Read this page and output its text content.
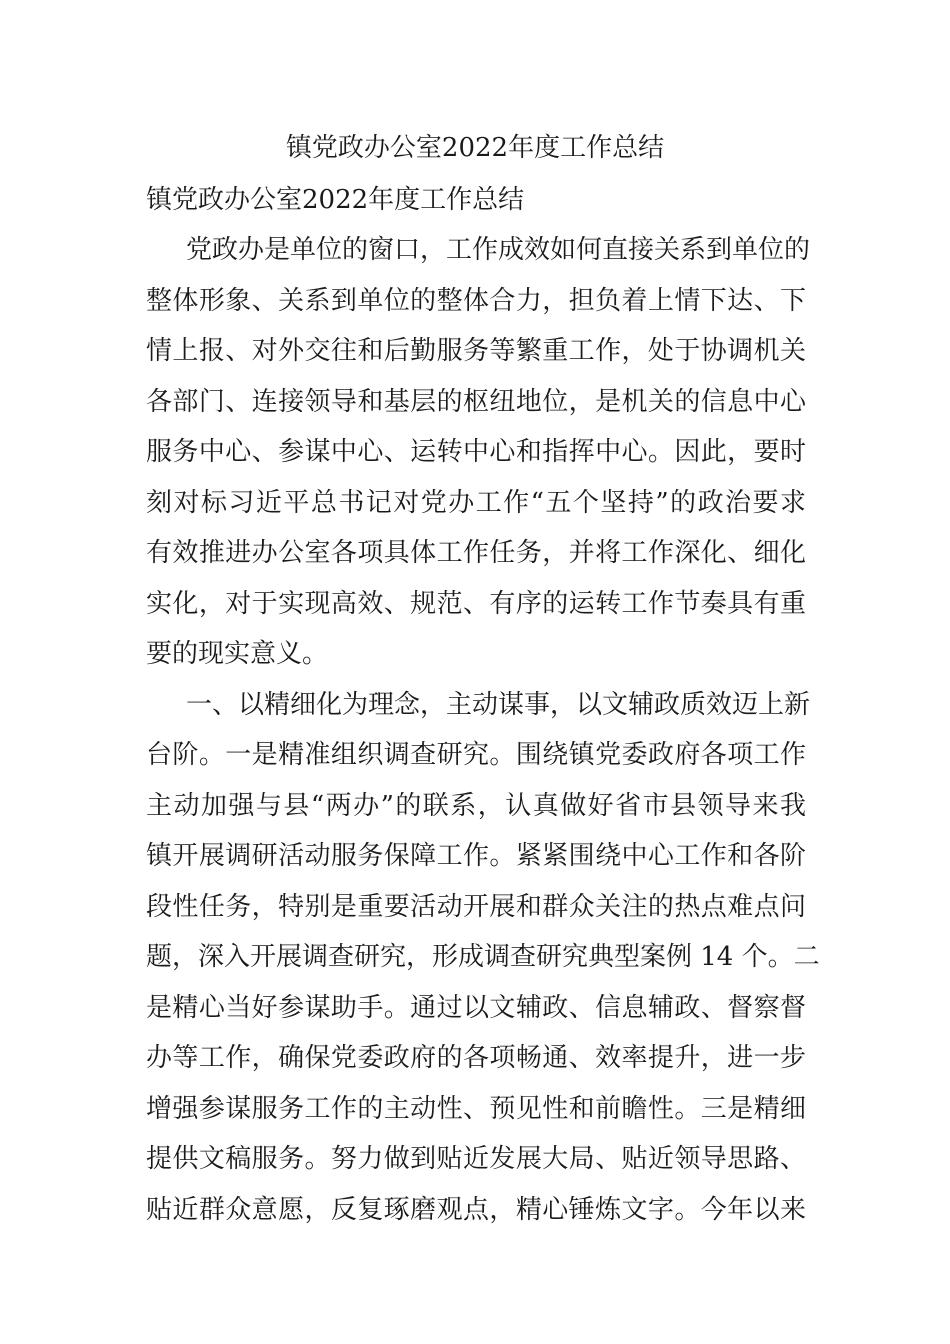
镇党政办公室2022年度工作总结
镇党政办公室2022年度工作总结
党政办是单位的窗口，工作成效如何直接关系到单位的
整体形象、关系到单位的整体合力，担负着上情下达、下
情上报、对外交往和后勤服务等繁重工作，处于协调机关
各部门、连接领导和基层的枢纽地位，是机关的信息中心
服务中心、参谋中心、运转中心和指挥中心。因此，要时
刻对标习近平总书记对党办工作“五个坚持”的政治要求
有效推进办公室各项具体工作任务，并将工作深化、细化
实化，对于实现高效、规范、有序的运转工作节奏具有重
要的现实意义。
一、以精细化为理念，主动谋事，以文辅政质效迈上新
台阶。一是精准组织调查研究。围绕镇党委政府各项工作
主动加强与县“两办”的联系，认真做好省市县领导来我
镇开展调研活动服务保障工作。紧紧围绕中心工作和各阶
段性任务，特别是重要活动开展和群众关注的热点难点问
题，深入开展调查研究，形成调查研究典型案例 14 个。二
是精心当好参谋助手。通过以文辅政、信息辅政、督察督
办等工作，确保党委政府的各项畅通、效率提升，进一步
增强参谋服务工作的主动性、预见性和前瞻性。三是精细
提供文稿服务。努力做到贴近发展大局、贴近领导思路、
贴近群众意愿，反复琢磨观点，精心锤炼文字。今年以来
